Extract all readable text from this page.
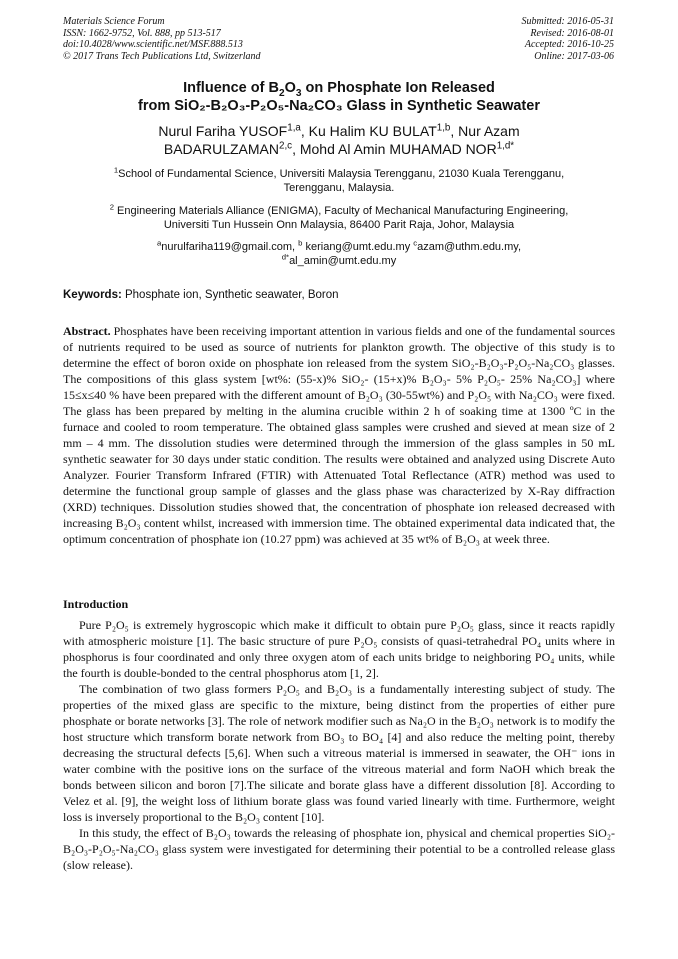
Materials Science Forum
ISSN: 1662-9752, Vol. 888, pp 513-517
doi:10.4028/www.scientific.net/MSF.888.513
© 2017 Trans Tech Publications Ltd, Switzerland
Submitted: 2016-05-31
Revised: 2016-08-01
Accepted: 2016-10-25
Online: 2017-03-06
Influence of $B_2O_3$ on Phosphate Ion Released
from SiO₂-B₂O₃-P₂O₅-Na₂CO₃ Glass in Synthetic Seawater
Nurul Fariha YUSOF$^{1,a}$, Ku Halim KU BULAT$^{1,b}$, Nur Azam
BADARULZAMAN$^{2,c}$, Mohd Al Amin MUHAMAD $NOR^{1,d*}$
$^1$School of Fundamental Science, Universiti Malaysia Terengganu, 21030 Kuala Terengganu,
Terengganu, Malaysia.
$^2$ Engineering Materials Alliance (ENIGMA), Faculty of Mechanical Manufacturing Engineering,
Universiti Tun Hussein Onn Malaysia, 86400 Parit Raja, Johor, Malaysia
$^a$nurulfariha119@gmail.com, $^b$ keriang@umt.edu.my $^c$azam@uthm.edu.my,
$^{d*}$al_amin@umt.edu.my
Keywords: Phosphate ion, Synthetic seawater, Boron
Abstract. Phosphates have been receiving important attention in various fields and one of the fundamental sources of nutrients required to be used as source of nutrients for plankton growth. The objective of this study is to determine the effect of boron oxide on phosphate ion released from the system SiO₂-B₂O₃-P₂O₅-Na₂CO₃ glasses. The compositions of this glass system [wt%: (55-x)% SiO₂- (15+x)% B₂O₃- 5% P₂O₅- 25% Na₂CO₃] where 15≤x≤40 % have been prepared with the different amount of B₂O₃ (30-55wt%) and P₂O₅ with Na₂CO₃ were fixed. The glass has been prepared by melting in the alumina crucible within 2 h of soaking time at 1300 ºC in the furnace and cooled to room temperature. The obtained glass samples were crushed and sieved at mean size of 2 mm – 4 mm. The dissolution studies were determined through the immersion of the glass samples in 50 mL synthetic seawater for 30 days under static condition. The results were obtained and analyzed using Discrete Auto Analyzer. Fourier Transform Infrared (FTIR) with Attenuated Total Reflectance (ATR) method was used to determine the functional group sample of glasses and the glass phase was characterized by X-Ray diffraction (XRD) techniques. Dissolution studies showed that, the concentration of phosphate ion released decreased with increasing B₂O₃ content whilst, increased with immersion time. The obtained experimental data indicated that, the optimum concentration of phosphate ion (10.27 ppm) was achieved at 35 wt% of B₂O₃ at week three.
Introduction

Pure P₂O₅ is extremely hygroscopic which make it difficult to obtain pure P₂O₅ glass, since it reacts rapidly with atmospheric moisture [1]. The basic structure of pure P₂O₅ consists of quasi-tetrahedral PO₄ units where in phosphorus is four coordinated and only three oxygen atom of each units bridge to neighboring PO₄ units, while the fourth is double-bonded to the central phosphorus atom [1, 2].

The combination of two glass formers P₂O₅ and B₂O₃ is a fundamentally interesting subject of study. The properties of the mixed glass are specific to the mixture, being distinct from the properties of either pure phosphate or borate networks [3]. The role of network modifier such as Na₂O in the B₂O₃ network is to modify the host structure which transform borate network from BO₃ to BO₄ [4] and also reduce the melting point, thereby decreasing the structural defects [5,6]. When such a vitreous material is immersed in seawater, the OH⁻ ions in water combine with the positive ions on the surface of the vitreous material and form NaOH which break the bonds between silicon and boron [7].The silicate and borate glass have a different dissolution [8]. According to Velez et al. [9], the weight loss of lithium borate glass was found varied linearly with time. Furthermore, weight loss is inversely proportional to the B₂O₃ content [10].

In this study, the effect of B₂O₃ towards the releasing of phosphate ion, physical and chemical properties SiO₂-B₂O₃-P₂O₅-Na₂CO₃ glass system were investigated for determining their potential to be a controlled release glass (slow release).
